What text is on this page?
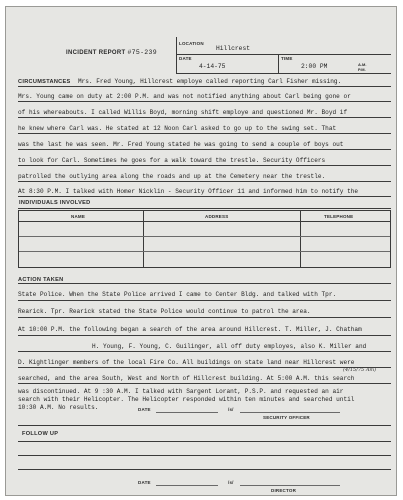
INCIDENT REPORT #75-239
LOCATION
Hillcrest
DATE
4-14-75
TIME
2:00 PM	A.M.
P.M.
CIRCUMSTANCES Mrs. Fred Young, Hillcrest employe called reporting Carl Fisher missing.
Mrs. Young came on duty at 2:00 P.M. and was not notified anything about Carl being gone or
of his whereabouts. I called Willis Boyd, morning shift employe and questioned Mr. Boyd if
he knew where Carl was. He stated at 12 Noon Carl asked to go up to the swing set. That
was the last he was seen. Mr. Fred Young stated he was going to send a couple of boys out
to look for Carl. Sometimes he goes for a walk toward the trestle. Security Officers
patrolled the outlying area along the roads and up at the Cemetery near the trestle.
At 8:30 P.M. I talked with Homer Nicklin - Security Officer 11 and informed him to notify the
INDIVIDUALS INVOLVED
NAME	ADDRESS	TELEPHONE
ACTION TAKEN
State Police. When the State Police arrived I came to Center Bldg. and talked with Tpr.
Rearick. Tpr. Rearick stated the State Police would continue to patrol the area.
At 10:00 P.M. the following began a search of the area around Hillcrest. T. Miller, J. Chatham
H. Young, F. Young, C. Guilinger, all off duty employes, also K. Miller and
D. Kightlinger members of the local Fire Co. All buildings on state land near Hillcrest were
searched, and the area South, West and North of Hillcrest building. At 5:00 A.M. this search
(4/15/75 Am)
was discontinued. At 9 :30 A.M. I talked with Sargent Lorant, P.S.P. and requested an air
search with their Helicopter. The Helicopter responded within ten minutes and searched until
10:30 A.M. No results.	DATE	/s/
SECURITY OFFICER
FOLLOW UP
DATE	/s/
DIRECTOR
